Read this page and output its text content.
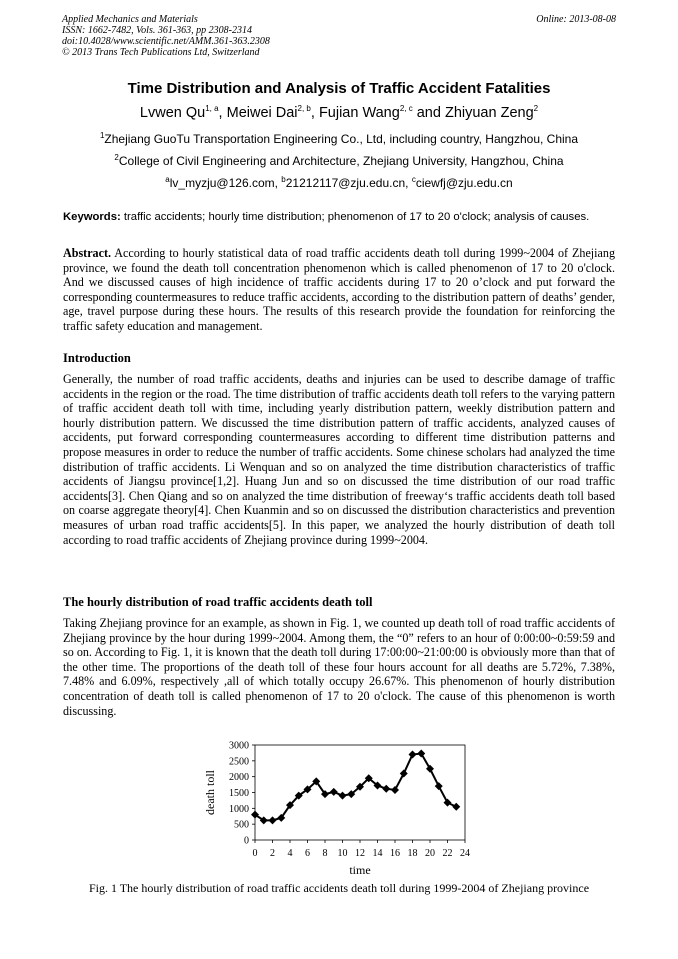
Applied Mechanics and Materials
ISSN: 1662-7482, Vols. 361-363, pp 2308-2314
doi:10.4028/www.scientific.net/AMM.361-363.2308
© 2013 Trans Tech Publications Ltd, Switzerland
Online: 2013-08-08
Time Distribution and Analysis of Traffic Accident Fatalities
Lvwen Qu$^{1, a}$, Meiwei Dai$^{2, b}$, Fujian Wang$^{2, c}$ and Zhiyuan Zeng$^2$
$^1$Zhejiang GuoTu Transportation Engineering Co., Ltd, including country, Hangzhou, China
$^2$College of Civil Engineering and Architecture, Zhejiang University, Hangzhou, China
$^a$lv_myzju@126.com, $^b$21212117@zju.edu.cn, $^c$ciewfj@zju.edu.cn
Keywords: traffic accidents; hourly time distribution; phenomenon of 17 to 20 o'clock; analysis of causes.
Abstract. According to hourly statistical data of road traffic accidents death toll during 1999~2004 of Zhejiang province, we found the death toll concentration phenomenon which is called phenomenon of 17 to 20 o'clock. And we discussed causes of high incidence of traffic accidents during 17 to 20 o’clock and put forward the corresponding countermeasures to reduce traffic accidents, according to the distribution pattern of deaths’ gender, age, travel purpose during these hours. The results of this research provide the foundation for reinforcing the traffic safety education and management.
Introduction
Generally, the number of road traffic accidents, deaths and injuries can be used to describe damage of traffic accidents in the region or the road. The time distribution of traffic accidents death toll refers to the varying pattern of traffic accident death toll with time, including yearly distribution pattern, weekly distribution pattern and hourly distribution pattern. We discussed the time distribution pattern of traffic accidents, analyzed causes of accidents, put forward corresponding countermeasures according to different time distribution patterns and propose measures in order to reduce the number of traffic accidents. Some chinese scholars had analyzed the time distribution of traffic accidents. Li Wenquan and so on analyzed the time distribution characteristics of traffic accidents of Jiangsu province[1,2]. Huang Jun and so on discussed the time distribution of our road traffic accidents[3]. Chen Qiang and so on analyzed the time distribution of freeway‘s traffic accidents death toll based on coarse aggregate theory[4]. Chen Kuanmin and so on discussed the distribution characteristics and prevention measures of urban road traffic accidents[5]. In this paper, we analyzed the hourly distribution of death toll according to road traffic accidents of Zhejiang province during 1999~2004.
The hourly distribution of road traffic accidents death toll
Taking Zhejiang province for an example, as shown in Fig. 1, we counted up death toll of road traffic accidents of Zhejiang province by the hour during 1999~2004. Among them, the “0” refers to an hour of 0:00:00~0:59:59 and so on. According to Fig. 1, it is known that the death toll during 17:00:00~21:00:00 is obviously more than that of the other time. The proportions of the death toll of these four hours account for all deaths are 5.72%, 7.38%, 7.48% and 6.09%, respectively ,all of which totally occupy 26.67%. This phenomenon of hourly distribution concentration of death toll is called phenomenon of 17 to 20 o'clock. The cause of this phenomenon is worth discussing.
0
500
1000
1500
2000
2500
3000
0 2 4 6 8 10 12 14 16 18 20 22 24
time
death toll
Fig. 1 The hourly distribution of road traffic accidents death toll during 1999-2004 of Zhejiang province
